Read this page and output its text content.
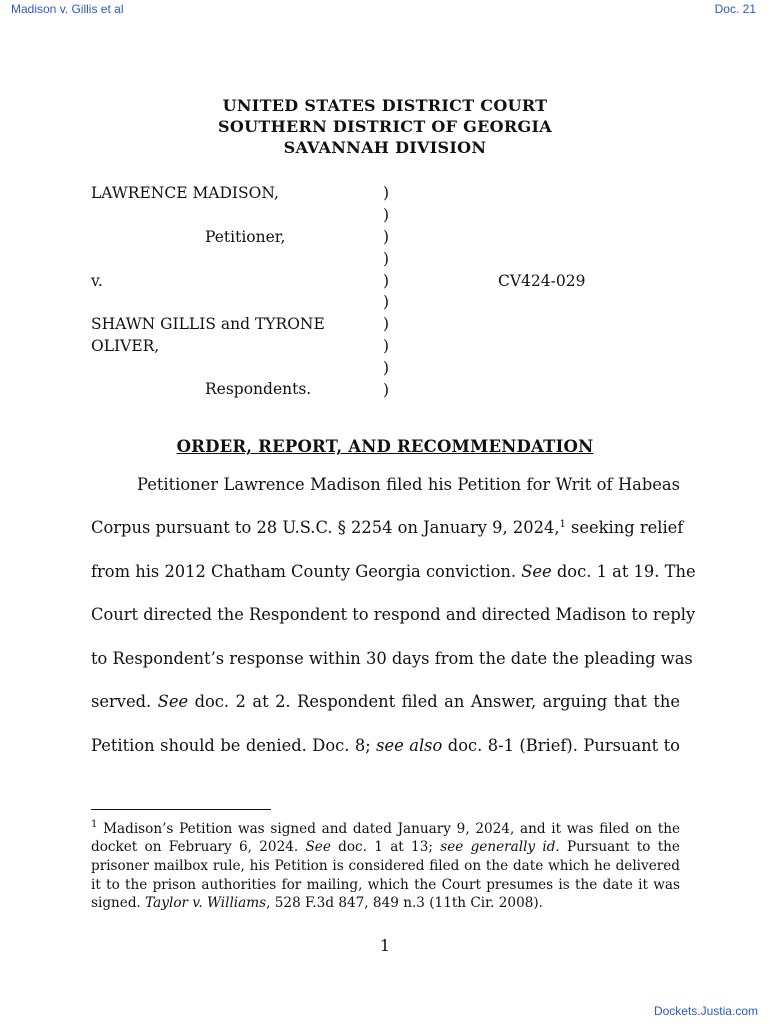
Madison v. Gillis et al	Doc. 21
UNITED STATES DISTRICT COURT
SOUTHERN DISTRICT OF GEORGIA
SAVANNAH DIVISION
LAWRENCE MADISON,
Petitioner,
v.	CV424-029
SHAWN GILLIS and TYRONE
OLIVER,
Respondents.
)
)
)
)
)
)
)
)
)
)
ORDER, REPORT, AND RECOMMENDATION
Petitioner Lawrence Madison filed his Petition for Writ of Habeas
Corpus pursuant to 28 U.S.C. § 2254 on January 9, 2024,$^1$ seeking relief
from his 2012 Chatham County Georgia conviction. See doc. 1 at 19. The
Court directed the Respondent to respond and directed Madison to reply
to Respondent’s response within 30 days from the date the pleading was
served. See doc. 2 at 2. Respondent filed an Answer, arguing that the
Petition should be denied. Doc. 8; see also doc. 8-1 (Brief). Pursuant to
$^1$ Madison’s Petition was signed and dated January 9, 2024, and it was filed on the
docket on February 6, 2024. See doc. 1 at 13; see generally id. Pursuant to the
prisoner mailbox rule, his Petition is considered filed on the date which he delivered
it to the prison authorities for mailing, which the Court presumes is the date it was
signed. Taylor v. Williams, 528 F.3d 847, 849 n.3 (11th Cir. 2008).
1
Dockets.Justia.com
